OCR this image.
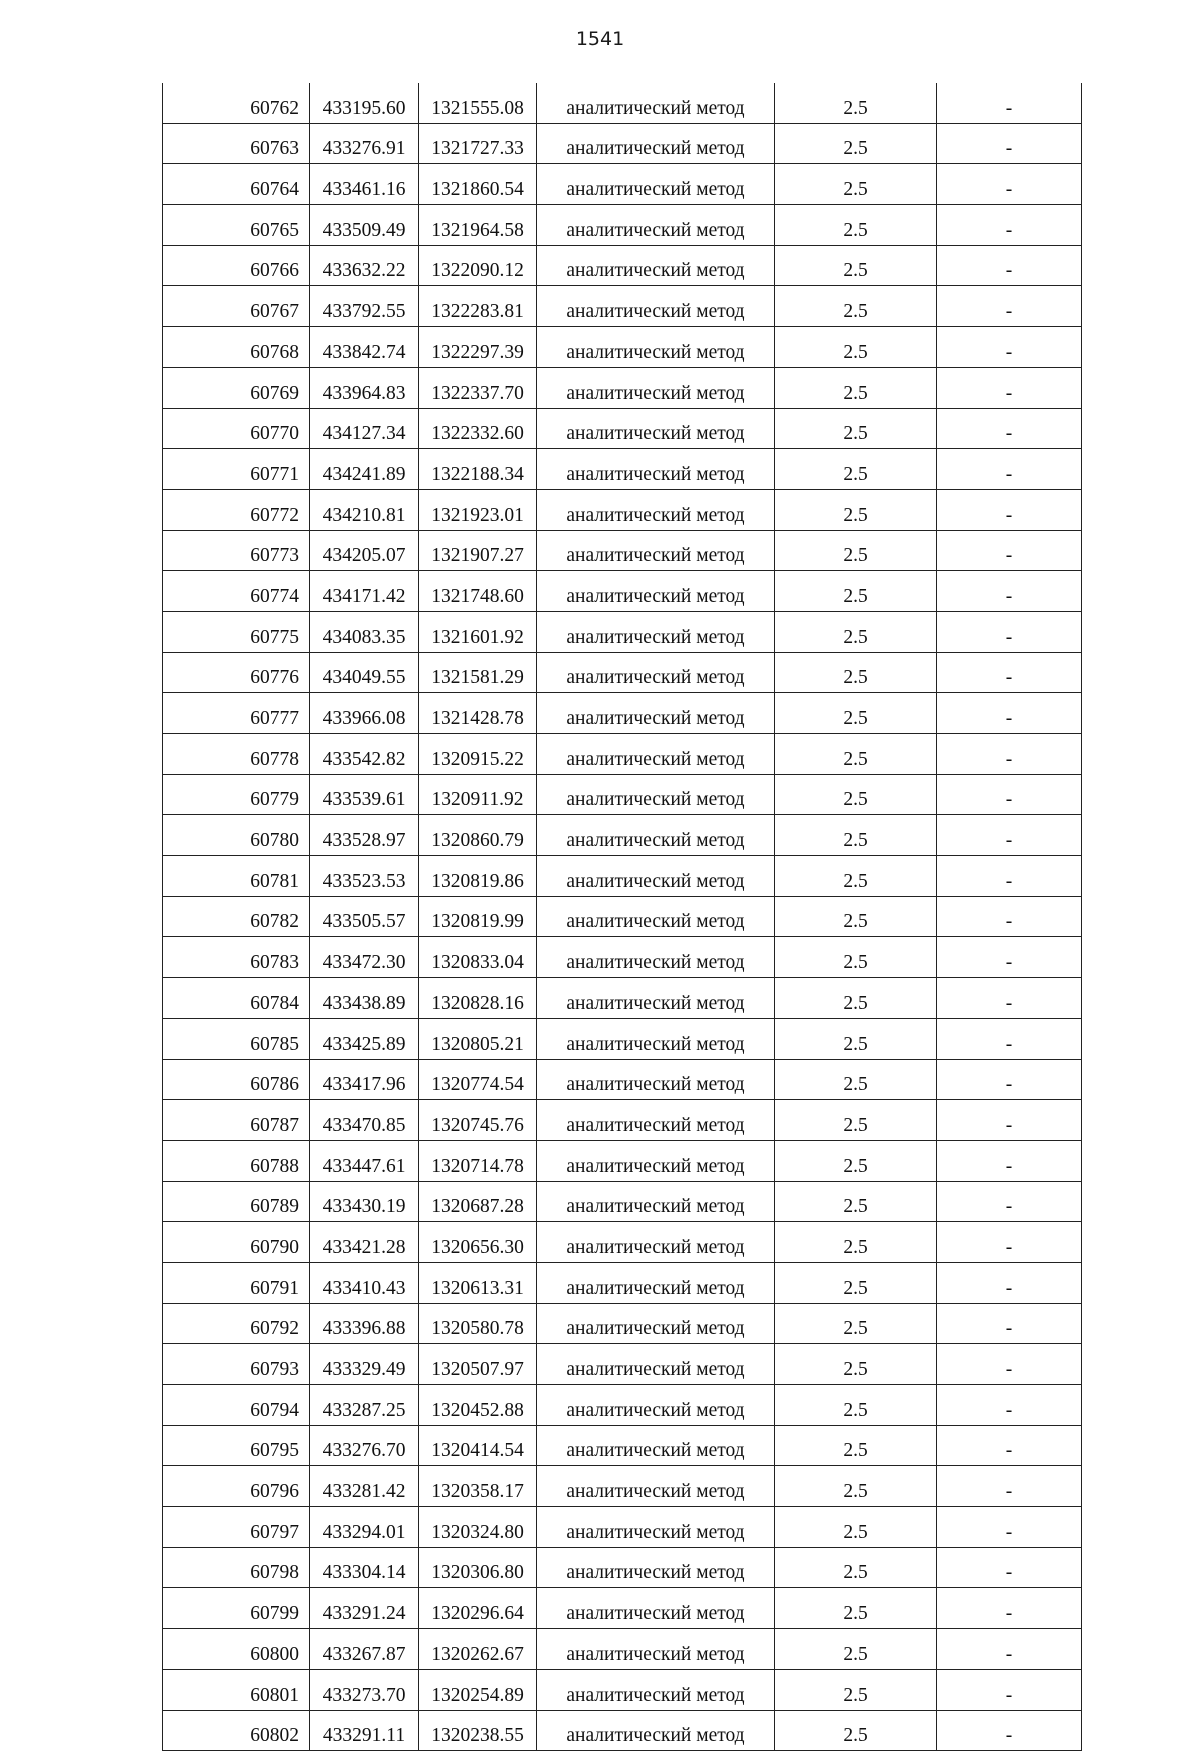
1541
60762	433195.60	1321555.08	аналитический метод	2.5	-
60763	433276.91	1321727.33	аналитический метод	2.5	-
60764	433461.16	1321860.54	аналитический метод	2.5	-
60765	433509.49	1321964.58	аналитический метод	2.5	-
60766	433632.22	1322090.12	аналитический метод	2.5	-
60767	433792.55	1322283.81	аналитический метод	2.5	-
60768	433842.74	1322297.39	аналитический метод	2.5	-
60769	433964.83	1322337.70	аналитический метод	2.5	-
60770	434127.34	1322332.60	аналитический метод	2.5	-
60771	434241.89	1322188.34	аналитический метод	2.5	-
60772	434210.81	1321923.01	аналитический метод	2.5	-
60773	434205.07	1321907.27	аналитический метод	2.5	-
60774	434171.42	1321748.60	аналитический метод	2.5	-
60775	434083.35	1321601.92	аналитический метод	2.5	-
60776	434049.55	1321581.29	аналитический метод	2.5	-
60777	433966.08	1321428.78	аналитический метод	2.5	-
60778	433542.82	1320915.22	аналитический метод	2.5	-
60779	433539.61	1320911.92	аналитический метод	2.5	-
60780	433528.97	1320860.79	аналитический метод	2.5	-
60781	433523.53	1320819.86	аналитический метод	2.5	-
60782	433505.57	1320819.99	аналитический метод	2.5	-
60783	433472.30	1320833.04	аналитический метод	2.5	-
60784	433438.89	1320828.16	аналитический метод	2.5	-
60785	433425.89	1320805.21	аналитический метод	2.5	-
60786	433417.96	1320774.54	аналитический метод	2.5	-
60787	433470.85	1320745.76	аналитический метод	2.5	-
60788	433447.61	1320714.78	аналитический метод	2.5	-
60789	433430.19	1320687.28	аналитический метод	2.5	-
60790	433421.28	1320656.30	аналитический метод	2.5	-
60791	433410.43	1320613.31	аналитический метод	2.5	-
60792	433396.88	1320580.78	аналитический метод	2.5	-
60793	433329.49	1320507.97	аналитический метод	2.5	-
60794	433287.25	1320452.88	аналитический метод	2.5	-
60795	433276.70	1320414.54	аналитический метод	2.5	-
60796	433281.42	1320358.17	аналитический метод	2.5	-
60797	433294.01	1320324.80	аналитический метод	2.5	-
60798	433304.14	1320306.80	аналитический метод	2.5	-
60799	433291.24	1320296.64	аналитический метод	2.5	-
60800	433267.87	1320262.67	аналитический метод	2.5	-
60801	433273.70	1320254.89	аналитический метод	2.5	-
60802	433291.11	1320238.55	аналитический метод	2.5	-
